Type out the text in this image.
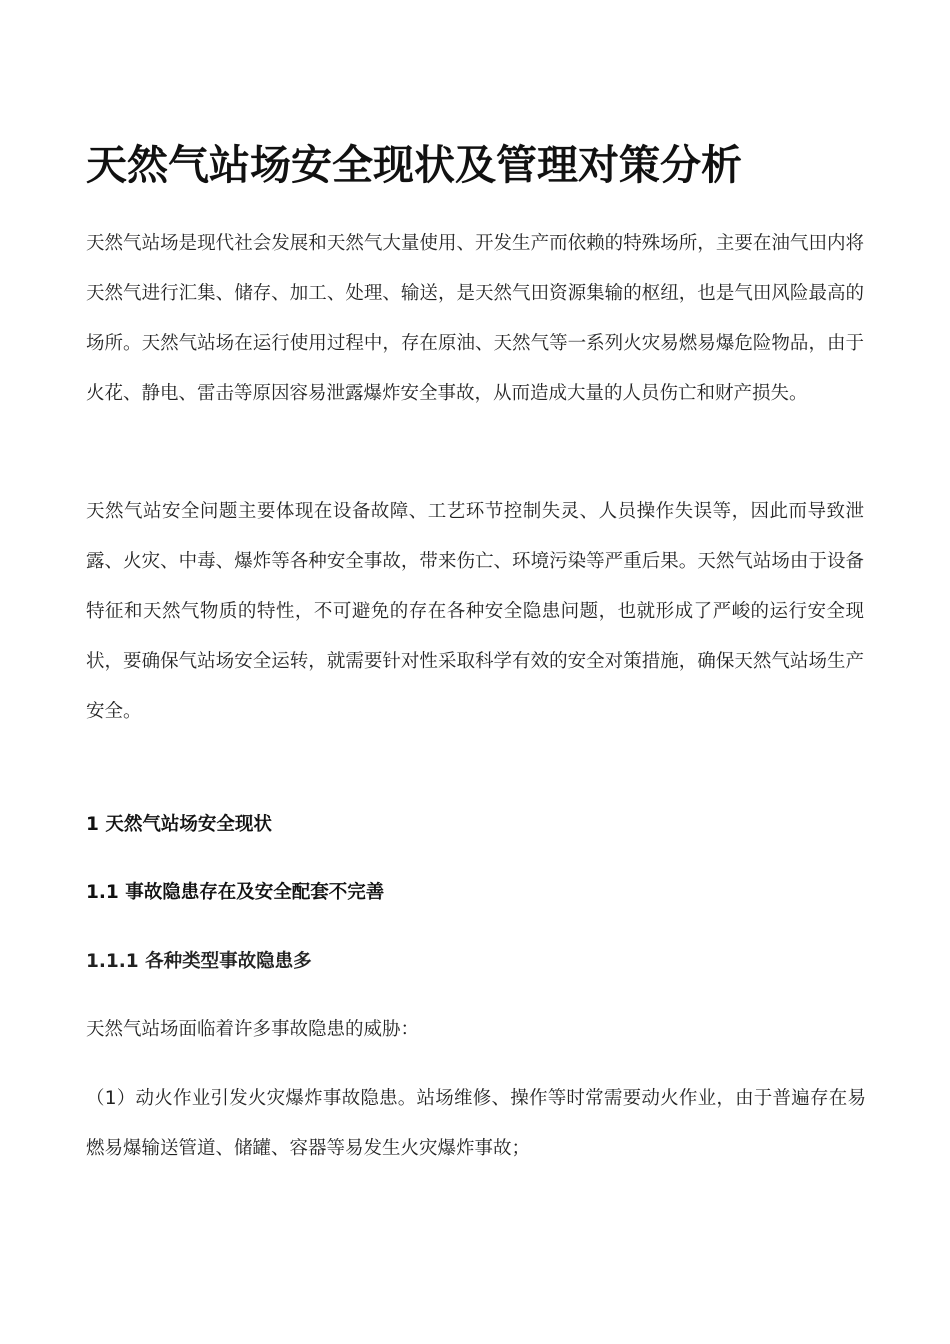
天然气站场安全现状及管理对策分析

天然气站场是现代社会发展和天然气大量使用、开发生产而依赖的特殊场所，主要在油气田内将天然气进行汇集、储存、加工、处理、输送，是天然气田资源集输的枢纽，也是气田风险最高的场所。天然气站场在运行使用过程中，存在原油、天然气等一系列火灾易燃易爆危险物品，由于火花、静电、雷击等原因容易泄露爆炸安全事故，从而造成大量的人员伤亡和财产损失。

天然气站安全问题主要体现在设备故障、工艺环节控制失灵、人员操作失误等，因此而导致泄露、火灾、中毒、爆炸等各种安全事故，带来伤亡、环境污染等严重后果。天然气站场由于设备特征和天然气物质的特性，不可避免的存在各种安全隐患问题，也就形成了严峻的运行安全现状，要确保气站场安全运转，就需要针对性采取科学有效的安全对策措施，确保天然气站场生产安全。

1 天然气站场安全现状
1.1 事故隐患存在及安全配套不完善
1.1.1 各种类型事故隐患多

天然气站场面临着许多事故隐患的威胁：

（1）动火作业引发火灾爆炸事故隐患。站场维修、操作等时常需要动火作业，由于普遍存在易燃易爆输送管道、储罐、容器等易发生火灾爆炸事故；
